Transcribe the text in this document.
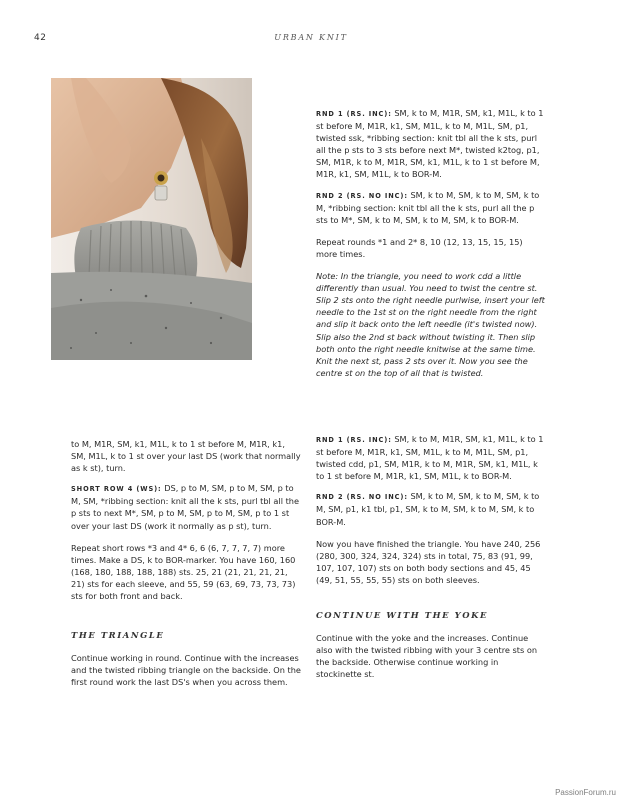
42	URBAN KNIT

RND 1 (RS. INC): SM, k to M, M1R, SM, k1, M1L, k to 1 st before M, M1R, k1, SM, M1L, k to M, M1L, SM, p1, twisted ssk, *ribbing section: knit tbl all the k sts, purl all the p sts to 3 sts before next M*, twisted k2tog, p1, SM, M1R, k to M, M1R, SM, k1, M1L, k to 1 st before M, M1R, k1, SM, M1L, k to BOR-M.

RND 2 (RS. NO INC): SM, k to M, SM, k to M, SM, k to M, *ribbing section: knit tbl all the k sts, purl all the p sts to M*, SM, k to M, SM, k to M, SM, k to BOR-M.

Repeat rounds *1 and 2* 8, 10 (12, 13, 15, 15, 15) more times.

Note: In the triangle, you need to work cdd a little differently than usual. You need to twist the centre st. Slip 2 sts onto the right needle purlwise, insert your left needle to the 1st st on the right needle from the right and slip it back onto the left needle (it's twisted now). Slip also the 2nd st back without twisting it. Then slip both onto the right needle knitwise at the same time. Knit the next st, pass 2 sts over it. Now you see the centre st on the top of all that is twisted.

to M, M1R, SM, k1, M1L, k to 1 st before M, M1R, k1, SM, M1L, k to 1 st over your last DS (work that normally as k st), turn.

SHORT ROW 4 (WS): DS, p to M, SM, p to M, SM, p to M, SM, *ribbing section: knit all the k sts, purl tbl all the p sts to next M*, SM, p to M, SM, p to M, SM, p to 1 st over your last DS (work it normally as p st), turn.

Repeat short rows *3 and 4* 6, 6 (6, 7, 7, 7, 7) more times. Make a DS, k to BOR-marker. You have 160, 160 (168, 180, 188, 188, 188) sts. 25, 21 (21, 21, 21, 21, 21) sts for each sleeve, and 55, 59 (63, 69, 73, 73, 73) sts for both front and back.

THE TRIANGLE

Continue working in round. Continue with the increases and the twisted ribbing triangle on the backside. On the first round work the last DS's when you across them.

RND 1 (RS. INC): SM, k to M, M1R, SM, k1, M1L, k to 1 st before M, M1R, k1, SM, M1L, k to M, M1L, SM, p1, twisted cdd, p1, SM, M1R, k to M, M1R, SM, k1, M1L, k to 1 st before M, M1R, k1, SM, M1L, k to BOR-M.

RND 2 (RS. NO INC): SM, k to M, SM, k to M, SM, k to M, SM, p1, k1 tbl, p1, SM, k to M, SM, k to M, SM, k to BOR-M.

Now you have finished the triangle. You have 240, 256 (280, 300, 324, 324, 324) sts in total, 75, 83 (91, 99, 107, 107, 107) sts on both body sections and 45, 45 (49, 51, 55, 55, 55) sts on both sleeves.

CONTINUE WITH THE YOKE

Continue with the yoke and the increases. Continue also with the twisted ribbing with your 3 centre sts on the backside. Otherwise continue working in stockinette st.

PassionForum.ru
